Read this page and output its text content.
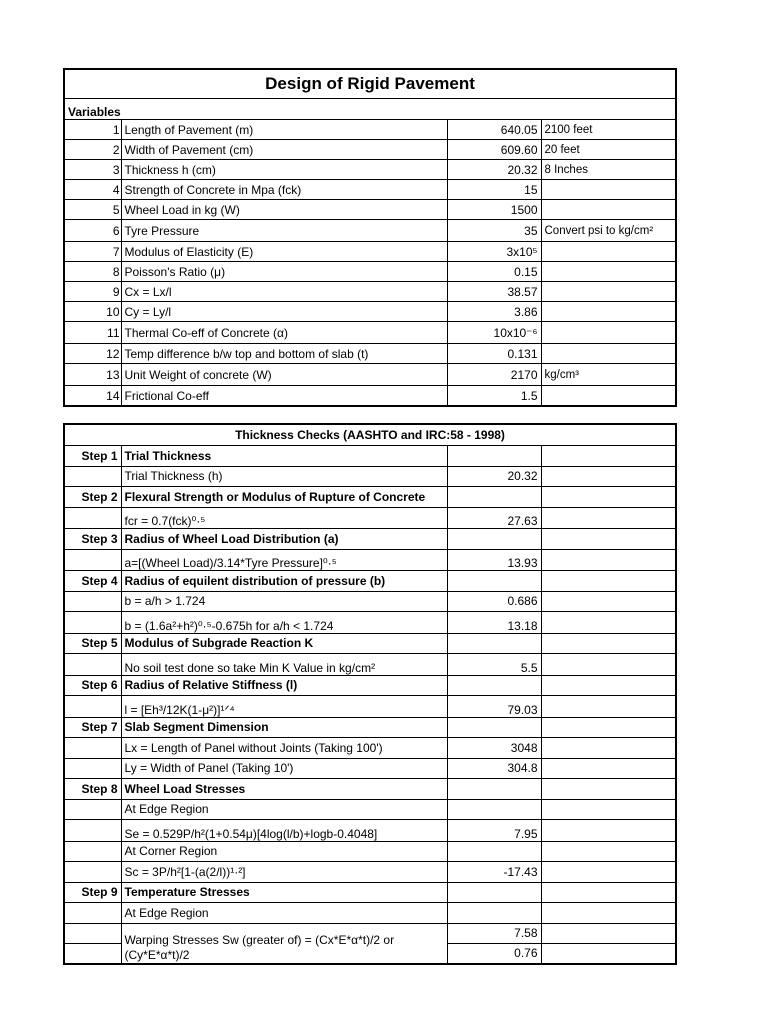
Design of Rigid Pavement			
Variables			
1	Length of Pavement (m)	640.05	2100 feet
2	Width of Pavement (cm)	609.60	20 feet
3	Thickness h (cm)	20.32	8 Inches
4	Strength of Concrete in Mpa (fck)	15	
5	Wheel Load in kg (W)	1500	
6	Tyre Pressure	35	Convert psi to kg/cm²
7	Modulus of Elasticity (E)	3x10⁵	
8	Poisson's Ratio (μ)	0.15	
9	Cx = Lx/l	38.57	
10	Cy = Ly/l	3.86	
11	Thermal Co-eff of Concrete (α)	10x10⁻⁶	
12	Temp difference b/w top and bottom of slab (t)	0.131	
13	Unit Weight of concrete (W)	2170	kg/cm³
14	Frictional Co-eff	1.5	
Thickness Checks (AASHTO and IRC:58 - 1998)			
Step 1	Trial Thickness		
	Trial Thickness (h)	20.32	
Step 2	Flexural Strength or Modulus of Rupture of Concrete		
	fcr = 0.7(fck)⁰·⁵	27.63	
Step 3	Radius of Wheel Load Distribution (a)		
	a=[(Wheel Load)/3.14*Tyre Pressure]⁰·⁵	13.93	
Step 4	Radius of equilent distribution of pressure (b)		
	b = a/h > 1.724	0.686	
	b = (1.6a²+h²)⁰·⁵-0.675h for a/h < 1.724	13.18	
Step 5	Modulus of Subgrade Reaction K		
	No soil test done so take Min K Value in kg/cm²	5.5	
Step 6	Radius of Relative Stiffness (l)		
	l = [Eh³/12K(1-μ²)]¹ᐟ⁴	79.03	
Step 7	Slab Segment Dimension		
	Lx = Length of Panel without Joints (Taking 100')	3048	
	Ly = Width of Panel (Taking 10')	304.8	
Step 8	Wheel Load Stresses		
	At Edge Region		
	Se = 0.529P/h²(1+0.54μ)[4log(l/b)+logb-0.4048]	7.95	
	At Corner Region		
	Sc = 3P/h²[1-(a(2/l))¹·²]	-17.43	
Step 9	Temperature Stresses		
	At Edge Region		
	Warping Stresses Sw (greater of) = (Cx*E*α*t)/2 or (Cy*E*α*t)/2	7.58	
		0.76	
